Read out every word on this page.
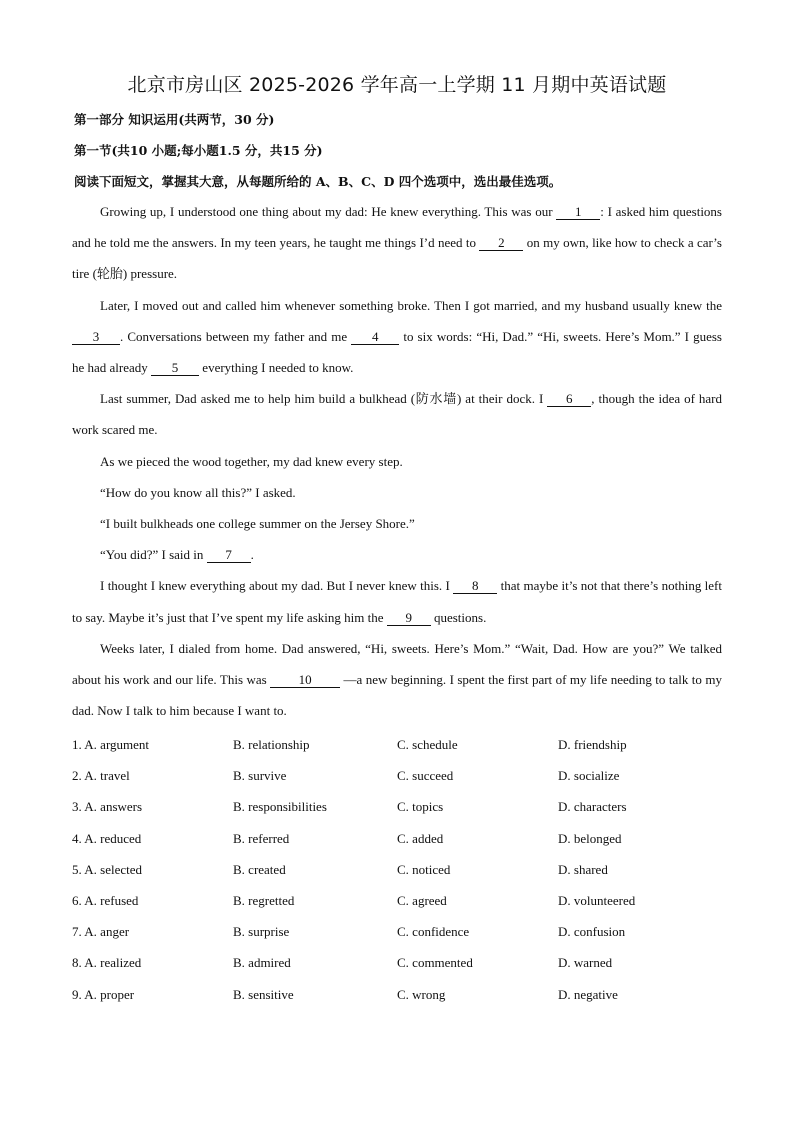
北京市房山区 2025-2026 学年高一上学期 11 月期中英语试题
第一部分 知识运用(共两节，30 分)
第一节(共10 小题;每小题1.5 分，共15 分)
阅读下面短文，掌握其大意，从每题所给的 A、B、C、D 四个选项中，选出最佳选项。

Growing up, I understood one thing about my dad: He knew everything. This was our 1 : I asked him questions and he told me the answers. In my teen years, he taught me things I’d need to 2 on my own, like how to check a car’s tire (轮胎) pressure.

Later, I moved out and called him whenever something broke. Then I got married, and my husband usually knew the 3 . Conversations between my father and me 4 to six words: “Hi, Dad.” “Hi, sweets. Here’s Mom.” I guess he had already 5 everything I needed to know.

Last summer, Dad asked me to help him build a bulkhead (防水墙) at their dock. I 6 , though the idea of hard work scared me.

As we pieced the wood together, my dad knew every step.

“How do you know all this?” I asked.

“I built bulkheads one college summer on the Jersey Shore.”

“You did?” I said in 7 .

I thought I knew everything about my dad. But I never knew this. I 8 that maybe it’s not that there’s nothing left to say. Maybe it’s just that I’ve spent my life asking him the 9 questions.

Weeks later, I dialed from home. Dad answered, “Hi, sweets. Here’s Mom.” “Wait, Dad. How are you?” We talked about his work and our life. This was 10 —a new beginning. I spent the first part of my life needing to talk to my dad. Now I talk to him because I want to.

1. A. argument	B. relationship	C. schedule	D. friendship
2. A. travel	B. survive	C. succeed	D. socialize
3. A. answers	B. responsibilities	C. topics	D. characters
4. A. reduced	B. referred	C. added	D. belonged
5. A. selected	B. created	C. noticed	D. shared
6. A. refused	B. regretted	C. agreed	D. volunteered
7. A. anger	B. surprise	C. confidence	D. confusion
8. A. realized	B. admired	C. commented	D. warned
9. A. proper	B. sensitive	C. wrong	D. negative
